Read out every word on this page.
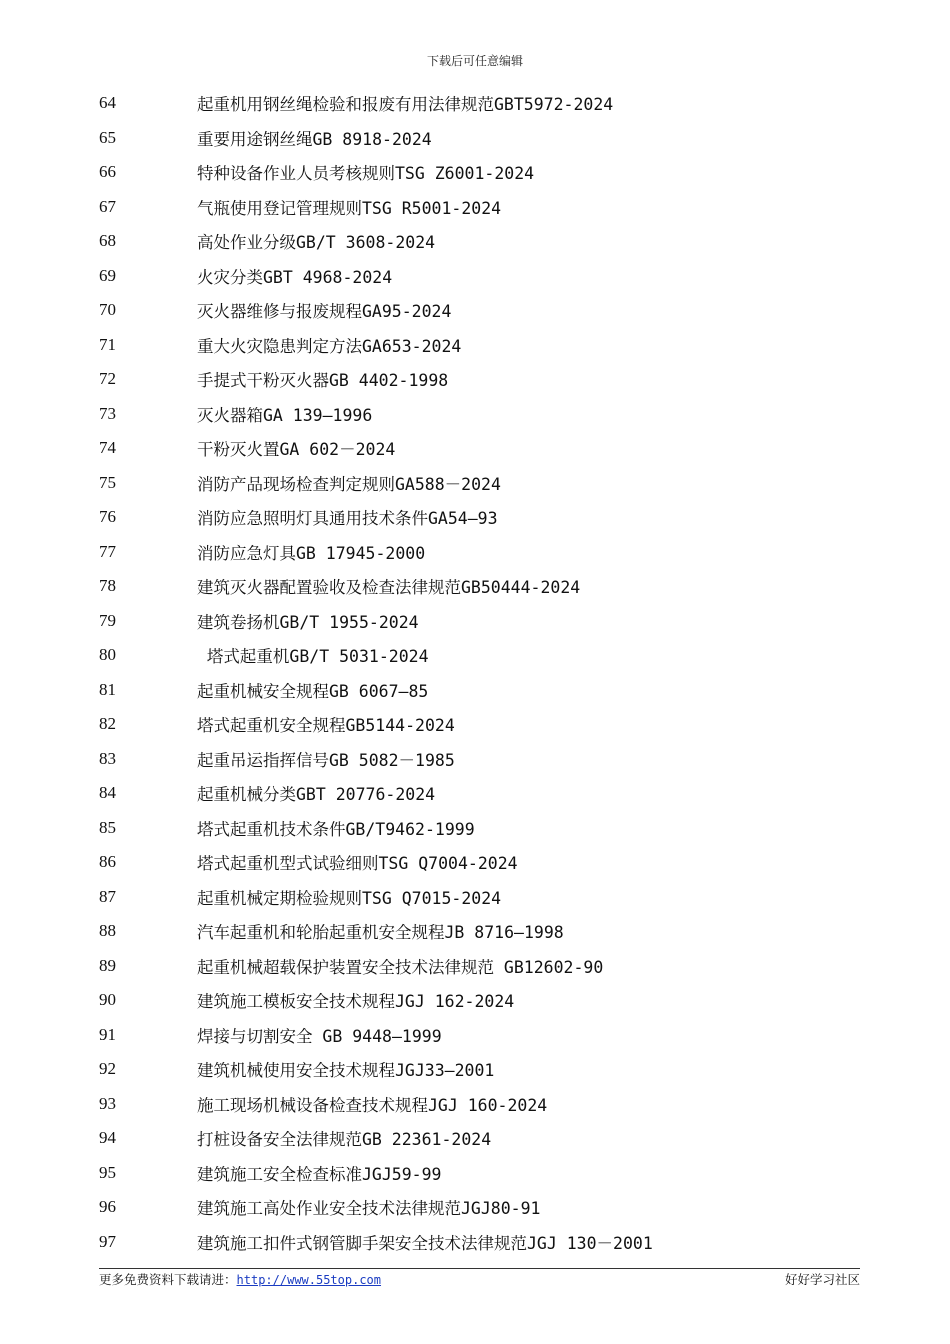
下载后可任意编辑
64	起重机用钢丝绳检验和报废有用法律规范GBT5972-2024
65	重要用途钢丝绳GB 8918-2024
66	特种设备作业人员考核规则TSG Z6001-2024
67	气瓶使用登记管理规则TSG R5001-2024
68	高处作业分级GB/T 3608-2024
69	火灾分类GBT 4968-2024
70	灭火器维修与报废规程GA95-2024
71	重大火灾隐患判定方法GA653-2024
72	手提式干粉灭火器GB 4402-1998
73	灭火器箱GA 139—1996
74	干粉灭火置GA 602－2024
75	消防产品现场检查判定规则GA588－2024
76	消防应急照明灯具通用技术条件GA54—93
77	消防应急灯具GB 17945-2000
78	建筑灭火器配置验收及检查法律规范GB50444-2024
79	建筑卷扬机GB/T 1955-2024
80	塔式起重机GB/T 5031-2024
81	起重机械安全规程GB 6067—85
82	塔式起重机安全规程GB5144-2024
83	起重吊运指挥信号GB 5082－1985
84	起重机械分类GBT 20776-2024
85	塔式起重机技术条件GB/T9462-1999
86	塔式起重机型式试验细则TSG Q7004-2024
87	起重机械定期检验规则TSG Q7015-2024
88	汽车起重机和轮胎起重机安全规程JB 8716—1998
89	起重机械超载保护装置安全技术法律规范 GB12602-90
90	建筑施工模板安全技术规程JGJ 162-2024
91	焊接与切割安全 GB 9448—1999
92	建筑机械使用安全技术规程JGJ33—2001
93	施工现场机械设备检查技术规程JGJ 160-2024
94	打桩设备安全法律规范GB 22361-2024
95	建筑施工安全检查标准JGJ59-99
96	建筑施工高处作业安全技术法律规范JGJ80-91
97	建筑施工扣件式钢管脚手架安全技术法律规范JGJ 130－2001
更多免费资料下载请进：http://www.55top.com	好好学习社区
